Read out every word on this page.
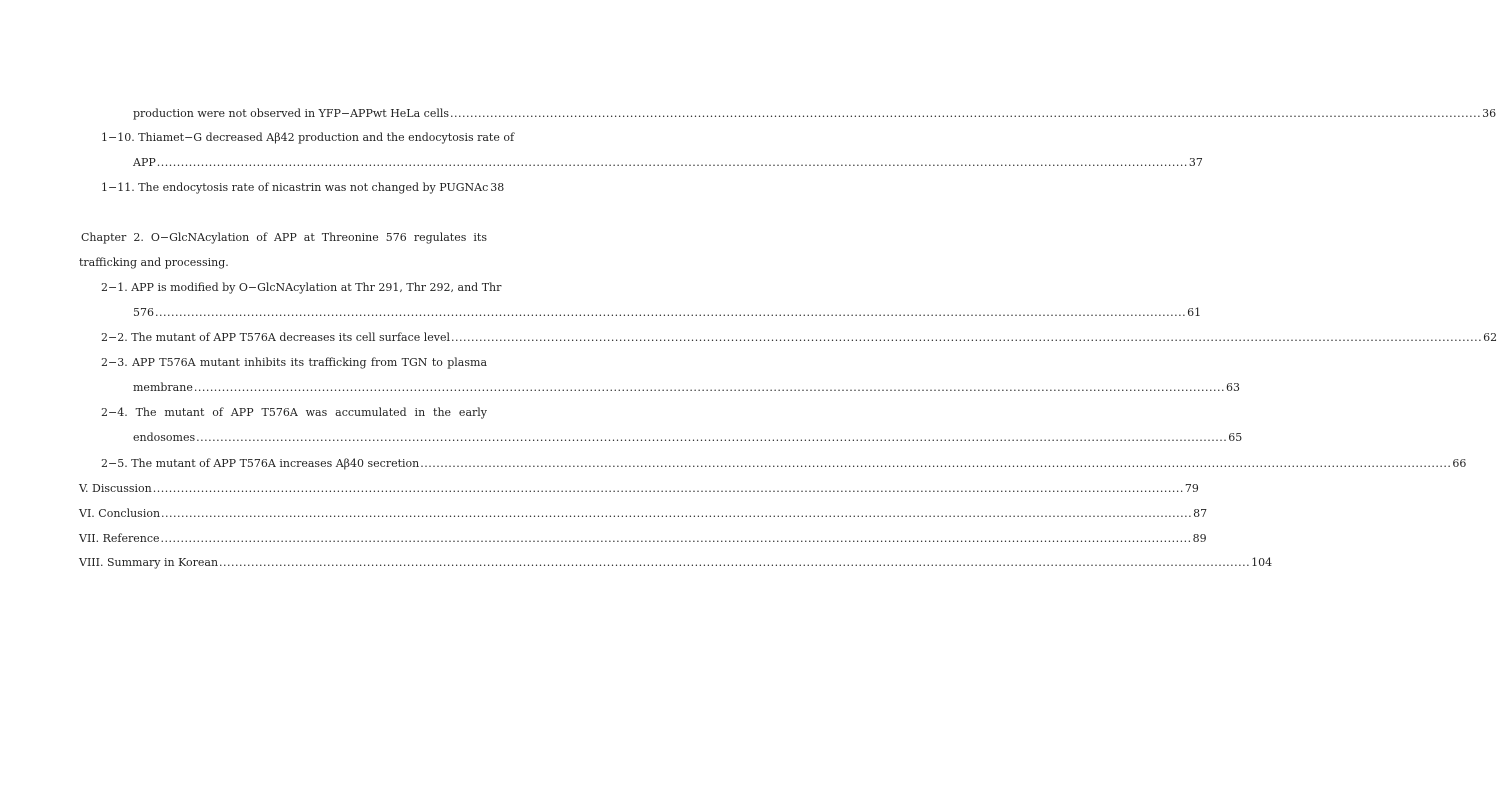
production were not observed in YFP−APPwt HeLa cells .....	36
1−10. Thiamet−G decreased Aβ42 production and the endocytosis rate of
APP .....	37
1−11. The endocytosis rate of nicastrin was not changed by PUGNAc 38
Chapter 2. O−GlcNAcylation of APP at Threonine 576 regulates its
trafficking and processing.
2−1. APP is modified by O−GlcNAcylation at Thr 291, Thr 292, and Thr
576 .....	61
2−2. The mutant of APP T576A decreases its cell surface level .....	62
2−3. APP T576A mutant inhibits its trafficking from TGN to plasma
membrane .....	63
2−4. The mutant of APP T576A was accumulated in the early
endosomes .....	65
2−5. The mutant of APP T576A increases Aβ40 secretion .....	66
V. Discussion .....	79
VI. Conclusion .....	87
VII. Reference .....	89
VIII. Summary in Korean .....	104
